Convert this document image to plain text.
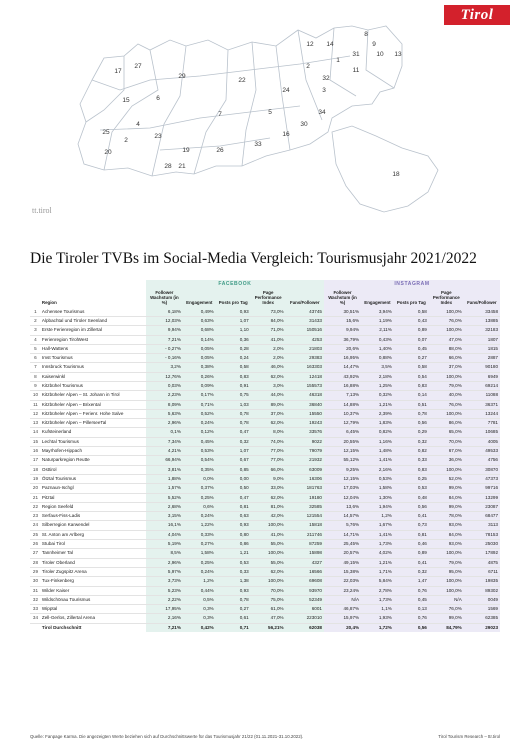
17
27
29
15	6
4
25
2
20
23
19
28 21
7
22
5
24
2
32
3
34
30
16
33
26
12 14
31	10 13
8
9
11
1
18
Tirol
tt.tirol
Die Tiroler TVBs im Social-Media Vergleich: Tourismusjahr 2021/2022
		FACEBOOK					INSTAGRAM				
	Region	Follower Wachstum (in %)	Engagement	Posts pro Tag	Page Performance Index	Fans/Follower	Follower Wachstum (in %)	Engagement	Posts pro Tag	Page Performance Index	Fans/Follower
1	Achensee Tourismus	6,18%	0,49%	0,93	73,0%	43745	30,51%	3,94%	0,58	100,0%	33458
2	Alpbachtal und Tiroler Seenland	12,03%	0,63%	1,07	84,0%	31433	15,6%	1,19%	0,43	76,0%	13885
3	Erste Ferienregion im Zillertal	9,94%	0,68%	1,10	71,0%	150516	9,94%	2,11%	0,89	100,0%	32183
4	Ferienregion TirolWest	7,21%	0,14%	0,36	41,0%	4253	36,79%	0,43%	0,07	47,0%	1807
5	Hall-Wattens	- 0,27%	0,05%	0,28	2,0%	21803	20,6%	1,40%	0,45	88,0%	1815
6	Imst Tourismus	- 0,16%	0,05%	0,24	2,0%	29383	16,95%	0,88%	0,27	66,0%	2887
7	Innsbruck Tourismus	3,2%	0,38%	0,58	46,0%	163303	14,47%	3,5%	0,58	37,0%	90180
8	Kaiserwinkl	12,76%	0,26%	0,83	62,0%	12418	43,92%	2,18%	0,54	100,0%	6949
9	Kitzbühel Tourismus	0,03%	0,09%	0,91	3,0%	155573	16,88%	1,25%	0,83	79,0%	69214
10	Kitzbüheler Alpen – St. Johann in Tirol	2,23%	0,17%	0,75	44,0%	46318	7,13%	0,32%	0,14	40,0%	11088
11	Kitzbüheler Alpen – Brixental	8,09%	0,71%	1,03	89,0%	36840	14,88%	1,21%	0,51	76,0%	36371
12	Kitzbüheler Alpen – Ferienr. Hohe Salve	5,63%	0,52%	0,78	37,0%	15550	10,37%	2,39%	0,78	100,0%	13244
13	Kitzbüheler Alpen – PillerseeTal	2,96%	0,24%	0,78	62,0%	19243	12,79%	1,83%	0,56	86,0%	7781
14	Kufsteinerland	0,1%	0,12%	0,47	8,0%	33576	6,45%	0,82%	0,29	65,0%	10685
15	Lechtal Tourismus	7,34%	0,45%	0,32	74,0%	9022	20,55%	1,16%	0,32	70,0%	4005
16	Mayrhofen-Hippach	4,21%	0,53%	1,07	77,0%	79079	12,15%	1,48%	0,82	67,0%	49533
17	Naturparkregion Reutte	66,94%	0,54%	0,67	77,0%	21932	55,12%	1,41%	0,33	36,0%	4756
18	Osttirol	3,81%	0,35%	0,85	66,0%	63009	9,25%	2,16%	0,83	100,0%	30870
19	Ötztal Tourismus	1,88%	0,0%	0,00	9,0%	16306	12,15%	0,53%	0,25	52,0%	47373
20	Paznaun-Ischgl	1,57%	0,37%	0,50	33,0%	181763	17,03%	1,58%	0,53	99,0%	99716
21	Pitztal	5,52%	0,25%	0,47	62,0%	19180	12,04%	1,30%	0,48	84,0%	13299
22	Region Seefeld	2,68%	0,6%	0,81	81,0%	32585	13,6%	1,94%	0,56	99,0%	23087
23	Serfaus-Fiss-Ladis	3,15%	0,24%	0,63	42,0%	121554	14,57%	1,2%	0,41	78,0%	68477
24	Silberregion Karwendel	16,1%	1,22%	0,93	100,0%	15818	5,76%	1,67%	0,73	93,0%	3113
25	St. Anton am Arlberg	4,04%	0,33%	0,80	41,0%	211746	14,71%	1,41%	0,81	84,0%	78153
26	Stubai Tirol	5,19%	0,27%	0,86	55,0%	87259	25,45%	1,73%	0,46	93,0%	25030
27	Tannheimer Tal	8,5%	1,58%	1,21	100,0%	15898	20,57%	4,02%	0,89	100,0%	17892
28	Tiroler Oberland	2,96%	0,25%	0,53	55,0%	4327	49,15%	1,21%	0,41	79,0%	4875
29	Tiroler Zugspitz Arena	5,97%	0,24%	0,33	62,0%	16566	15,38%	1,71%	0,32	95,0%	6711
30	Tux-Finkenberg	3,73%	1,2%	1,38	100,0%	69608	22,03%	5,84%	1,47	100,0%	19835
31	Wilder Kaiser	5,23%	0,44%	0,93	70,0%	93970	23,24%	2,78%	0,76	100,0%	89302
32	Wildschönau Tourismus	2,22%	0,5%	0,78	75,0%	52349	N/A	1,73%	0,45	N/A	0049
33	Wipptal	17,95%	0,3%	0,27	61,0%	6001	46,87%	1,1%	0,13	76,0%	1569
34	Zell-Gerlos, Zillertal Arena	2,16%	0,3%	0,61	47,0%	223010	15,97%	1,93%	0,76	99,0%	62385
	Tirol Durchschnitt	7,21%	0,42%	0,71	56,21%	62038	20,4%	1,72%	0,56	84,79%	29023
Quelle: Fanpage Karma. Die angezeigten Werte beziehen sich auf Durchschnittswerte für das Tourismusjahr 21/22 (01.11.2021-31.10.2022).	Tirol Tourism Research – ttr.tirol
